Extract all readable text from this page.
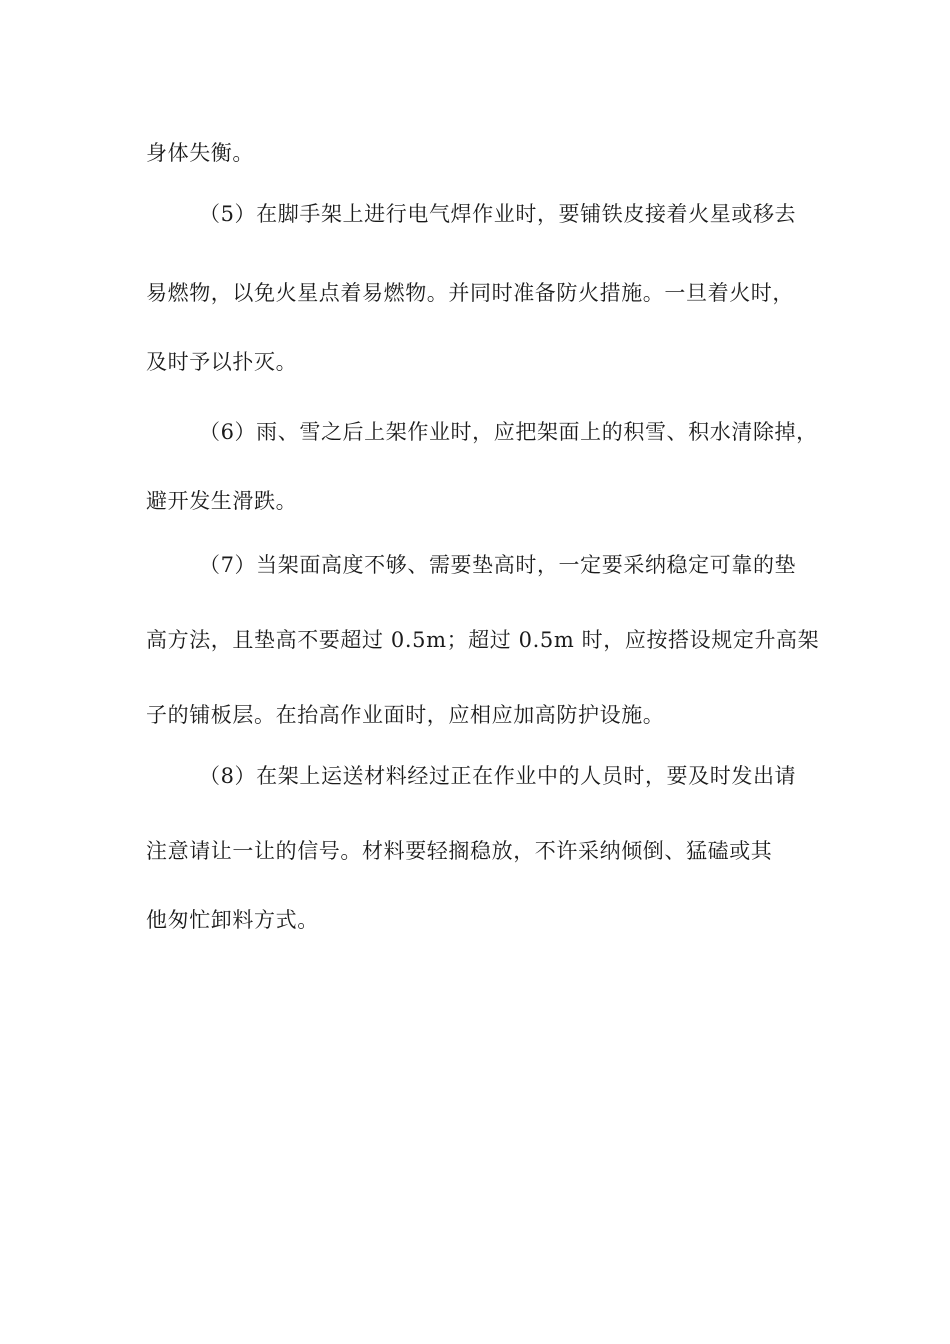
身体失衡。

（5）在脚手架上进行电气焊作业时，要铺铁皮接着火星或移去

易燃物，以免火星点着易燃物。并同时准备防火措施。一旦着火时，

及时予以扑灭。

（6）雨、雪之后上架作业时，应把架面上的积雪、积水清除掉，

避开发生滑跌。

（7）当架面高度不够、需要垫高时，一定要采纳稳定可靠的垫

高方法，且垫高不要超过 0.5m；超过 0.5m 时，应按搭设规定升高架

子的铺板层。在抬高作业面时，应相应加高防护设施。

（8）在架上运送材料经过正在作业中的人员时，要及时发出请

注意请让一让的信号。材料要轻搁稳放，不许采纳倾倒、猛磕或其

他匆忙卸料方式。
